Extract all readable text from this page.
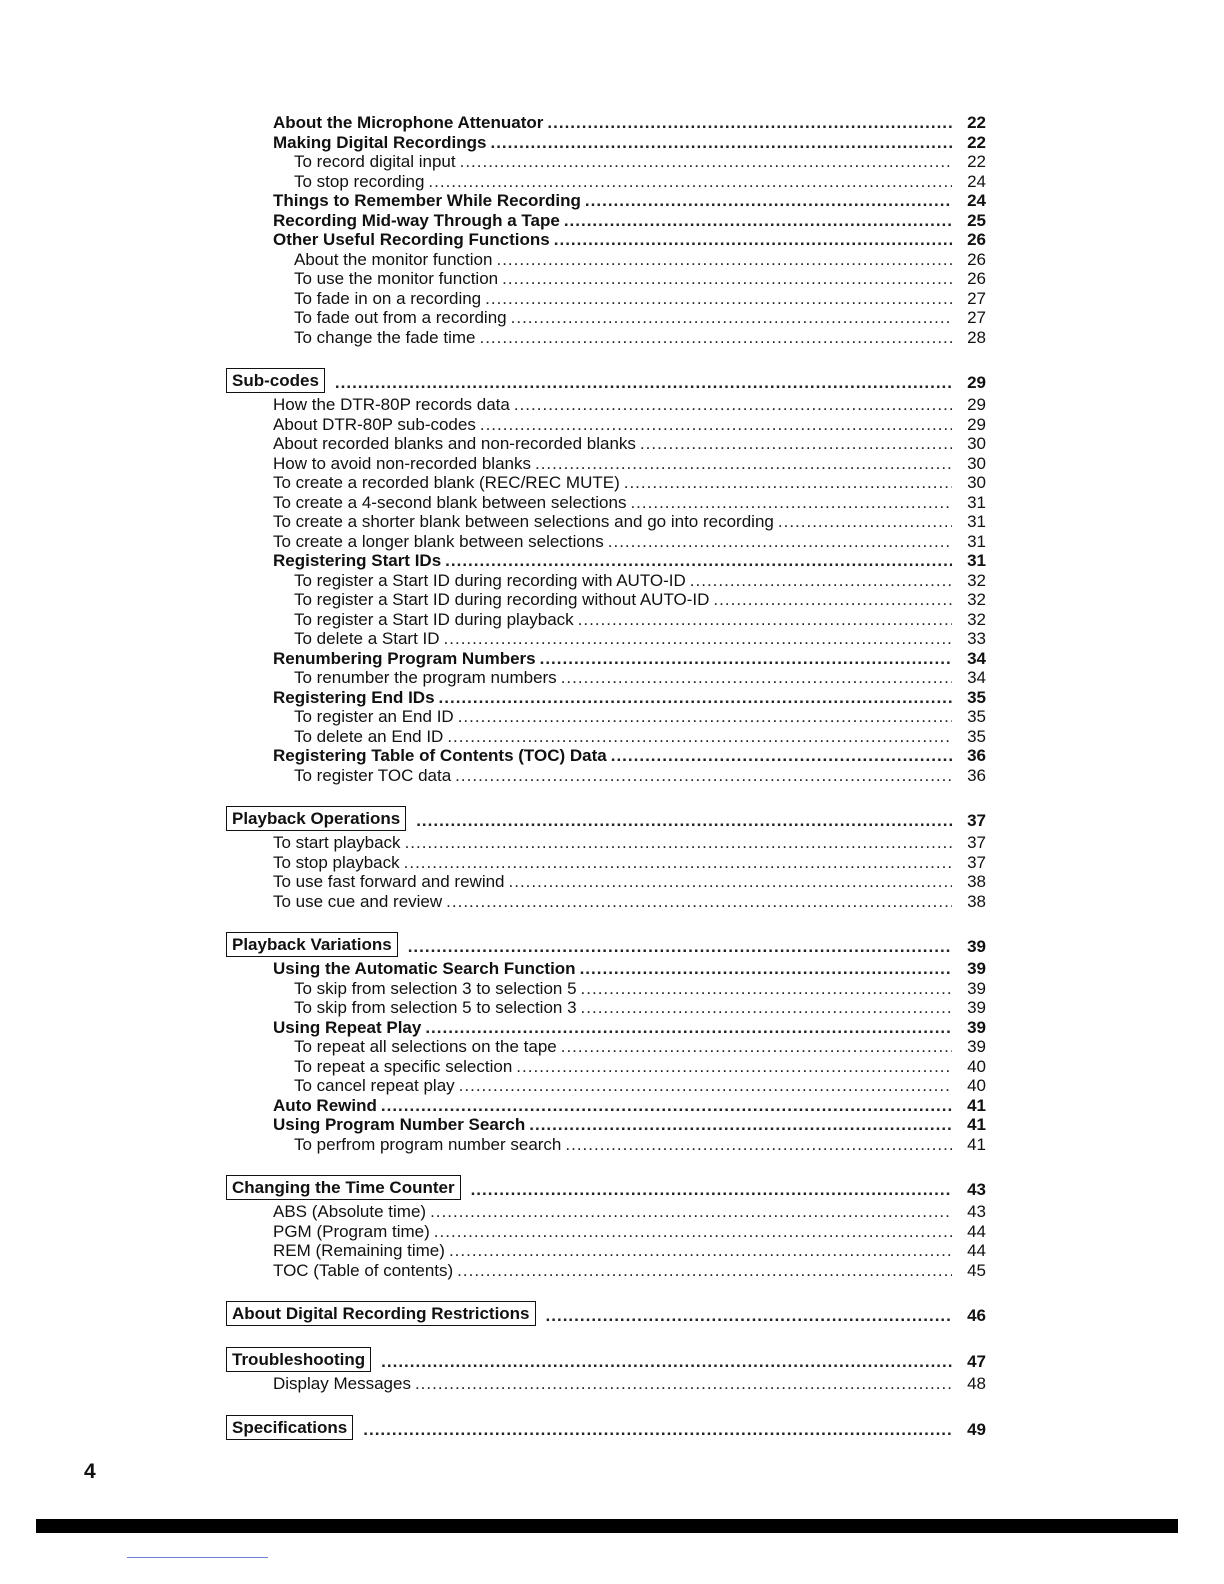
About the Microphone Attenuator .....	22
Making Digital Recordings .....	22
To record digital input .....	22
To stop recording .....	24
Things to Remember While Recording .....	24
Recording Mid-way Through a Tape .....	25
Other Useful Recording Functions .....	26
About the monitor function .....	26
To use the monitor function .....	26
To fade in on a recording .....	27
To fade out from a recording .....	27
To change the fade time .....	28
Sub-codes .....	29
How the DTR-80P records data .....	29
About DTR-80P sub-codes .....	29
About recorded blanks and non-recorded blanks .....	30
How to avoid non-recorded blanks .....	30
To create a recorded blank (REC/REC MUTE) .....	30
To create a 4-second blank between selections .....	31
To create a shorter blank between selections and go into recording .....	31
To create a longer blank between selections .....	31
Registering Start IDs .....	31
To register a Start ID during recording with AUTO-ID .....	32
To register a Start ID during recording without AUTO-ID .....	32
To register a Start ID during playback .....	32
To delete a Start ID .....	33
Renumbering Program Numbers .....	34
To renumber the program numbers .....	34
Registering End IDs .....	35
To register an End ID .....	35
To delete an End ID .....	35
Registering Table of Contents (TOC) Data .....	36
To register TOC data .....	36
Playback Operations .....	37
To start playback .....	37
To stop playback .....	37
To use fast forward and rewind .....	38
To use cue and review .....	38
Playback Variations .....	39
Using the Automatic Search Function .....	39
To skip from selection 3 to selection 5 .....	39
To skip from selection 5 to selection 3 .....	39
Using Repeat Play .....	39
To repeat all selections on the tape .....	39
To repeat a specific selection .....	40
To cancel repeat play .....	40
Auto Rewind .....	41
Using Program Number Search .....	41
To perfrom program number search .....	41
Changing the Time Counter .....	43
ABS (Absolute time) .....	43
PGM (Program time) .....	44
REM (Remaining time) .....	44
TOC (Table of contents) .....	45
About Digital Recording Restrictions .....	46
Troubleshooting .....	47
Display Messages .....	48
Specifications .....	49
4
